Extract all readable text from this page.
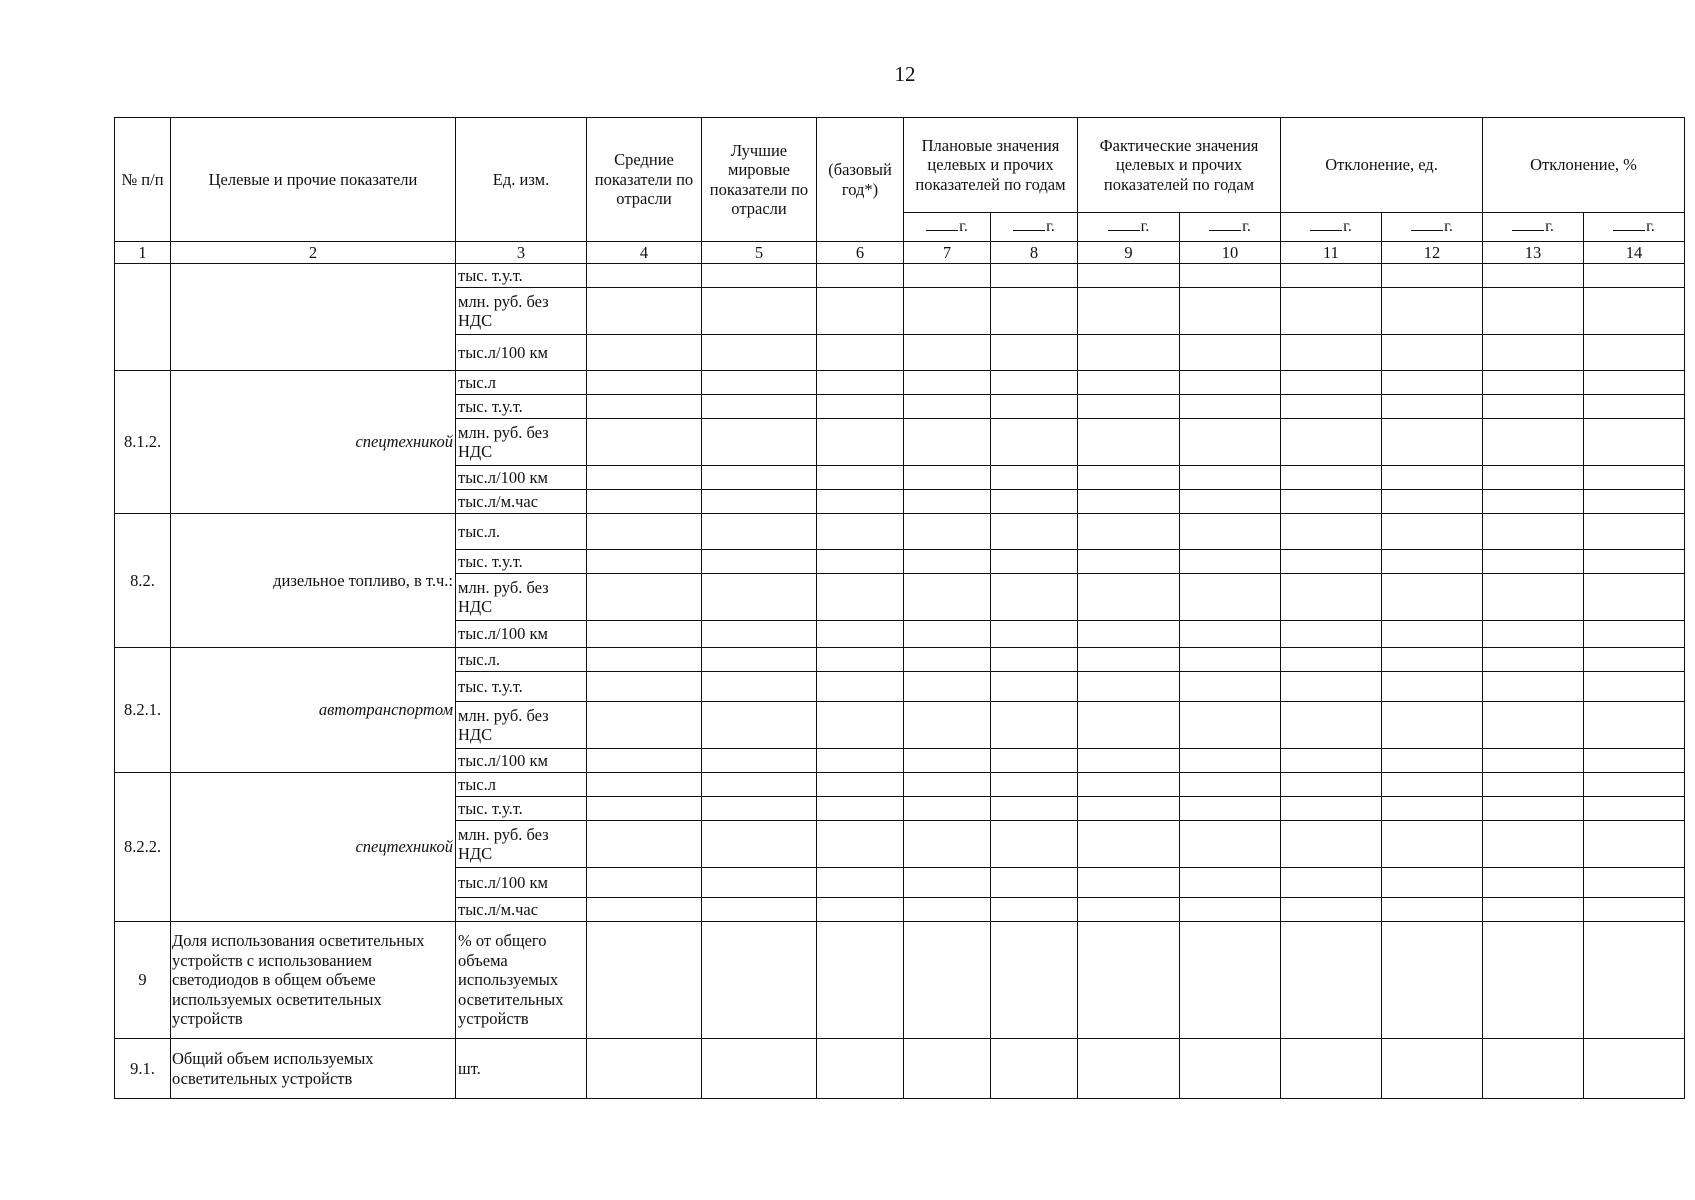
12
№ п/п	Целевые и прочие показатели	Ед. изм.	Средние показатели по отрасли	Лучшие мировые показатели по отрасли	(базовый год*)	Плановые значения целевых и прочих показателей по годам		Фактические значения целевых и прочих показателей по годам		Отклонение, ед.		Отклонение, %	
						г.	г.	г.	г.	г.	г.	г.	г.
1	2	3	4	5	6	7	8	9	10	11	12	13	14
		тыс. т.у.т.											
		млн. руб. без НДС											
		тыс.л/100 км											
8.1.2.	спецтехникой	тыс.л											
		тыс. т.у.т.											
		млн. руб. без НДС											
		тыс.л/100 км											
		тыс.л/м.час											
8.2.	дизельное топливо, в т.ч.:	тыс.л.											
		тыс. т.у.т.											
		млн. руб. без НДС											
		тыс.л/100 км											
8.2.1.	автотранспортом	тыс.л.											
		тыс. т.у.т.											
		млн. руб. без НДС											
		тыс.л/100 км											
8.2.2.	спецтехникой	тыс.л											
		тыс. т.у.т.											
		млн. руб. без НДС											
		тыс.л/100 км											
		тыс.л/м.час											
9	Доля использования осветительных устройств с использованием светодиодов в общем объеме используемых осветительных устройств	% от общего объема используемых осветительных устройств											
9.1.	Общий объем используемых осветительных устройств	шт.											
